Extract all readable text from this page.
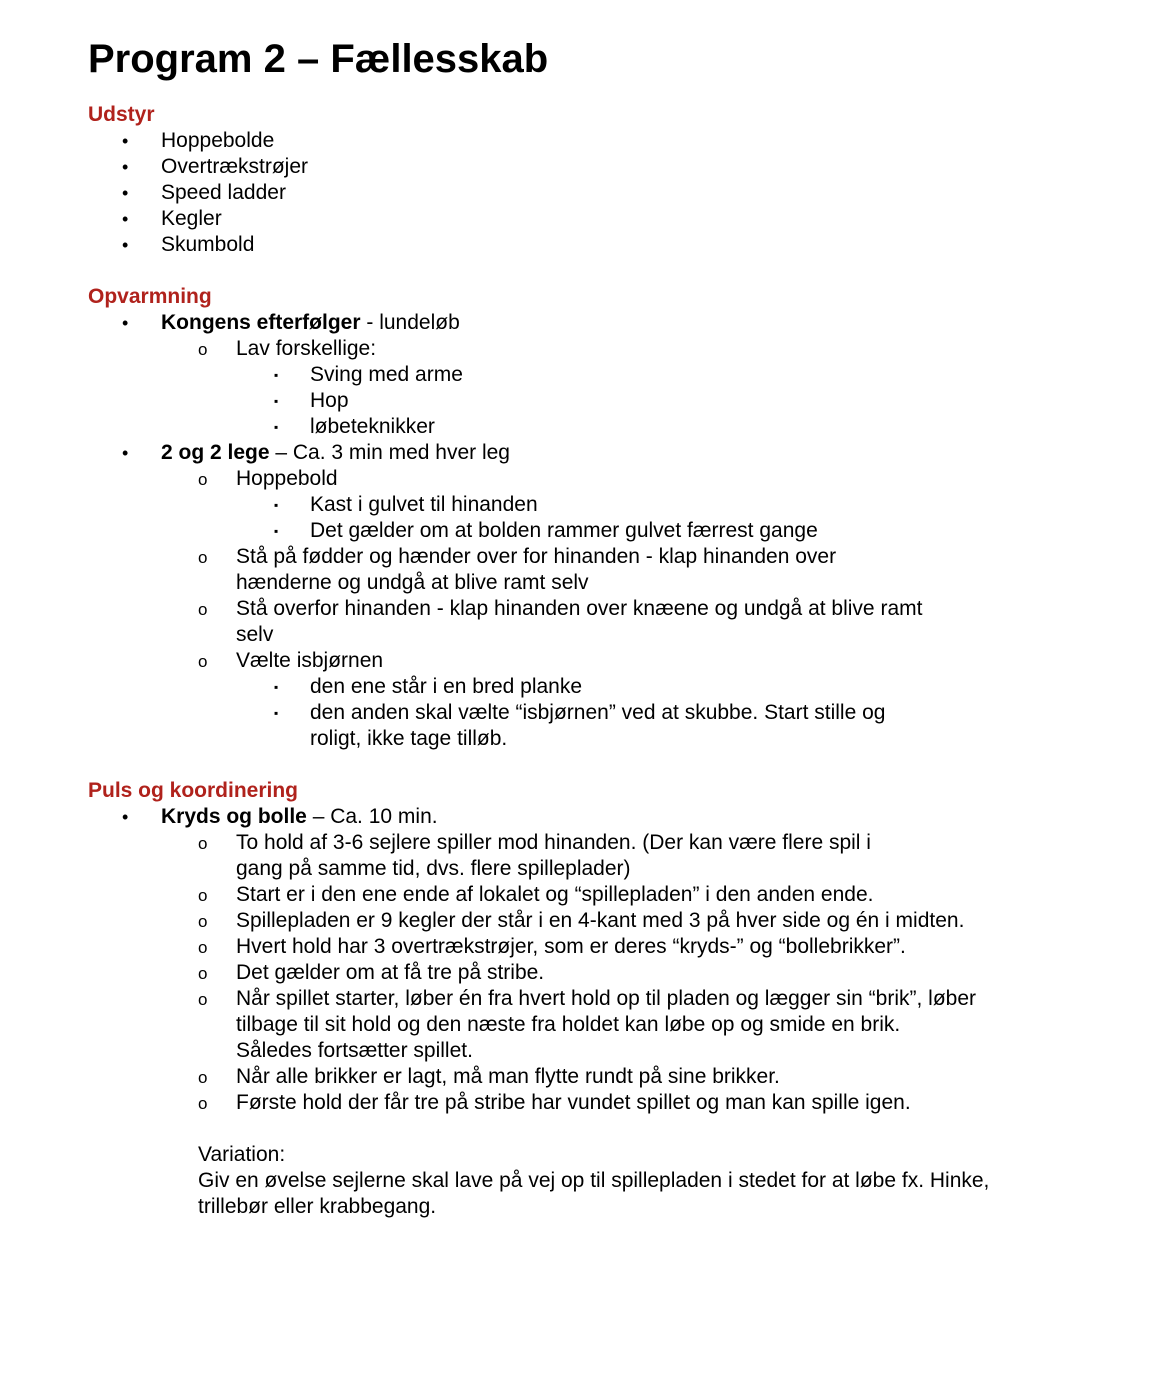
Program 2 – Fællesskab
Udstyr
•
Hoppebolde
•
Overtrækstrøjer
•
Speed ladder
•
Kegler
•
Skumbold
Opvarmning
•
Kongens efterfølger - lundeløb
o
Lav forskellige:
▪
Sving med arme
▪
Hop
▪
løbeteknikker
•
2 og 2 lege – Ca. 3 min med hver leg
o
Hoppebold
▪
Kast i gulvet til hinanden
▪
Det gælder om at bolden rammer gulvet færrest gange
o
Stå på fødder og hænder over for hinanden - klap hinanden over hænderne og undgå at blive ramt selv
o
Stå overfor hinanden - klap hinanden over knæene og undgå at blive ramt selv
o
Vælte isbjørnen
▪
den ene står i en bred planke
▪
den anden skal vælte “isbjørnen” ved at skubbe. Start stille og roligt, ikke tage tilløb.
Puls og koordinering
•
Kryds og bolle – Ca. 10 min.
o
To hold af 3-6 sejlere spiller mod hinanden. (Der kan være flere spil i gang på samme tid, dvs. flere spilleplader)
o
Start er i den ene ende af lokalet og “spillepladen” i den anden ende.
o
Spillepladen er 9 kegler der står i en 4-kant med 3 på hver side og én i midten.
o
Hvert hold har 3 overtrækstrøjer, som er deres “kryds-” og “bollebrikker”.
o
Det gælder om at få tre på stribe.
o
Når spillet starter, løber én fra hvert hold op til pladen og lægger sin “brik”, løber tilbage til sit hold og den næste fra holdet kan løbe op og smide en brik. Således fortsætter spillet.
o
Når alle brikker er lagt, må man flytte rundt på sine brikker.
o
Første hold der får tre på stribe har vundet spillet og man kan spille igen.
Variation:
Giv en øvelse sejlerne skal lave på vej op til spillepladen i stedet for at løbe fx. Hinke, trillebør eller krabbegang.
